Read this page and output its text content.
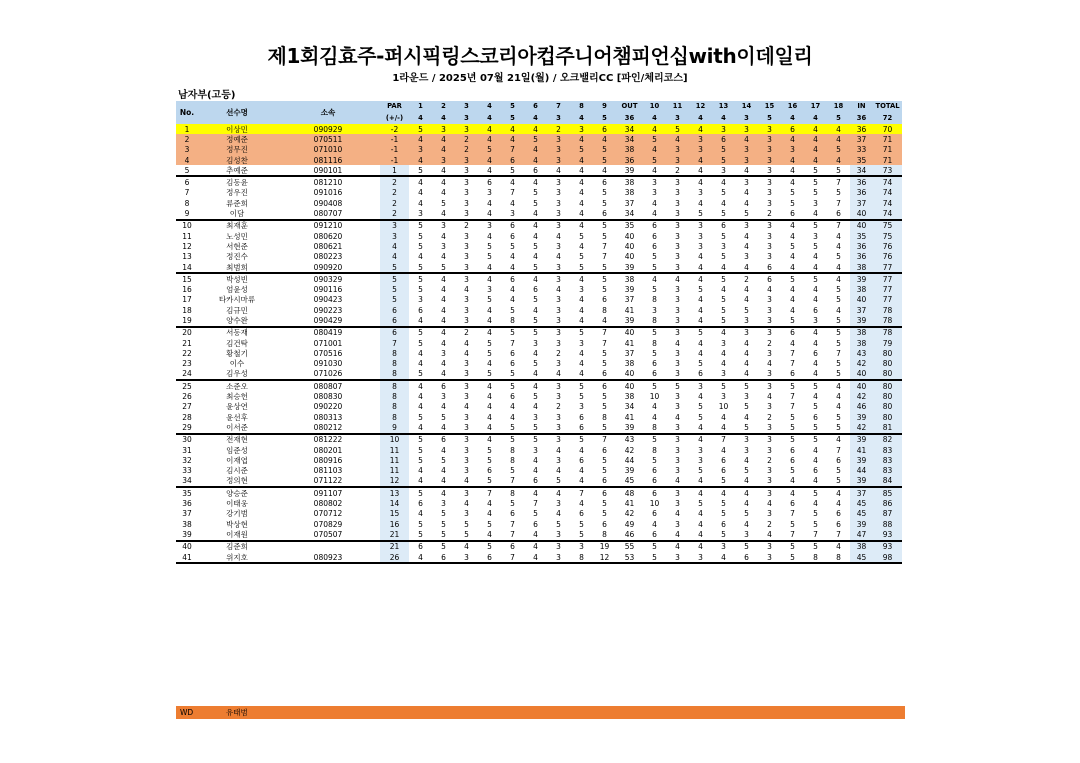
제1회김효주-퍼시픽링스코리아컵주니어챔피언십with이데일리
1라운드 / 2025년 07월 21일(월) / 오크밸리CC [파인/체리코스]
남자부(고등)
No.	선수명	소속	PAR	1	2	3	4	5	6	7	8	9	OUT	10	11	12	13	14	15	16	17	18	IN	TOTAL
			(+/-)	4	4	3	4	5	4	3	4	5	36	4	3	4	4	3	5	4	4	5	36	72
1	이상민	090929	-2	5	3	3	4	4	4	2	3	6	34	4	5	4	3	3	3	6	4	4	36	70
2	정예준	070511	-1	4	4	2	4	4	5	3	4	4	34	5	4	3	6	4	3	4	4	4	37	71
3	정무진	071010	-1	3	4	2	5	7	4	3	5	5	38	4	3	3	5	3	3	3	4	5	33	71
4	김성찬	081116	-1	4	3	3	4	6	4	3	4	5	36	5	3	4	5	3	3	4	4	4	35	71
5	추예준	090101	1	5	4	3	4	5	6	4	4	4	39	4	2	4	3	4	3	4	5	5	34	73
6	김동윤	081210	2	4	4	3	6	4	4	3	4	6	38	3	3	4	4	3	3	4	5	7	36	74
7	정우진	091016	2	4	4	3	3	7	5	3	4	5	38	3	3	3	5	4	3	5	5	5	36	74
8	류준희	090408	2	4	5	3	4	4	5	3	4	5	37	4	3	4	4	4	3	5	3	7	37	74
9	이담	080707	2	3	4	3	4	3	4	3	4	6	34	4	3	5	5	5	2	6	4	6	40	74
10	최재훈	091210	3	5	3	2	3	6	4	3	4	5	35	6	3	3	6	3	3	4	5	7	40	75
11	노성민	080620	3	5	4	3	4	6	4	4	5	5	40	6	3	3	5	4	3	4	3	4	35	75
12	서현준	080621	4	5	3	3	5	5	5	3	4	7	40	6	3	3	3	4	3	5	5	4	36	76
13	정진수	080223	4	4	4	3	5	4	4	4	5	7	40	5	3	4	5	3	3	4	4	5	36	76
14	최범희	090920	5	5	5	3	4	4	5	3	5	5	39	5	3	4	4	4	6	4	4	4	38	77
15	박성빈	090329	5	5	4	3	4	6	4	3	4	5	38	4	4	4	5	2	6	5	5	4	39	77
16	엄윤성	090116	5	5	4	4	3	4	6	4	3	5	39	5	3	5	4	4	4	4	4	5	38	77
17	타카시마류	090423	5	3	4	3	5	4	5	3	4	6	37	8	3	4	5	4	3	4	4	5	40	77
18	김규민	090223	6	6	4	3	4	5	4	3	4	8	41	3	3	4	5	5	3	4	6	4	37	78
19	양수완	090429	6	4	4	3	4	8	5	3	4	4	39	8	3	4	5	3	3	5	3	5	39	78
20	서동재	080419	6	5	4	2	4	5	5	3	5	7	40	5	3	5	4	3	3	6	4	5	38	78
21	김건탁	071001	7	5	4	4	5	7	3	3	3	7	41	8	4	4	3	4	2	4	4	5	38	79
22	황철기	070516	8	4	3	4	5	6	4	2	4	5	37	5	3	4	4	4	3	7	6	7	43	80
23	이수	091030	8	4	4	3	4	6	5	3	4	5	38	6	3	5	4	4	4	7	4	5	42	80
24	김우성	071026	8	5	4	3	5	5	4	4	4	6	40	6	3	6	3	4	3	6	4	5	40	80
25	소준오	080807	8	4	6	3	4	5	4	3	5	6	40	5	5	3	5	5	3	5	5	4	40	80
26	최승헌	080830	8	4	3	3	4	6	5	3	5	5	38	10	3	4	3	3	4	7	4	4	42	80
27	윤상연	090220	8	4	4	4	4	4	4	2	3	5	34	4	3	5	10	5	3	7	5	4	46	80
28	윤선후	080313	8	5	5	3	4	4	3	3	6	8	41	4	4	5	4	4	2	5	6	5	39	80
29	이서준	080212	9	4	4	3	4	5	5	3	6	5	39	8	3	4	4	5	3	5	5	5	42	81
30	전재현	081222	10	5	6	3	4	5	5	3	5	7	43	5	3	4	7	3	3	5	5	4	39	82
31	임준성	080201	11	5	4	3	5	8	3	4	4	6	42	8	3	3	4	3	3	6	4	7	41	83
32	이재엽	080916	11	5	5	3	5	8	4	3	6	5	44	5	3	3	6	4	2	6	4	6	39	83
33	김시준	081103	11	4	4	3	6	5	4	4	4	5	39	6	3	5	6	5	3	5	6	5	44	83
34	정의현	071122	12	4	4	4	5	7	6	5	4	6	45	6	4	4	5	4	3	4	4	5	39	84
35	양승준	091107	13	5	4	3	7	8	4	4	7	6	48	6	3	4	4	4	3	4	5	4	37	85
36	이태웅	080802	14	6	3	4	4	5	7	3	4	5	41	10	3	5	5	4	4	6	4	4	45	86
37	강기범	070712	15	4	5	3	4	6	5	4	6	5	42	6	4	4	5	5	3	7	5	6	45	87
38	박상현	070829	16	5	5	5	5	7	6	5	5	6	49	4	3	4	6	4	2	5	5	6	39	88
39	이재원	070507	21	5	5	5	4	7	4	3	5	8	46	6	4	4	5	3	4	7	7	7	47	93
40	김준희		21	6	5	4	5	6	4	3	3	19	55	5	4	4	3	5	3	5	5	4	38	93
41	위지호	080923	26	4	6	3	6	7	4	3	8	12	53	5	3	3	4	6	3	5	8	8	45	98
WD	유태범
